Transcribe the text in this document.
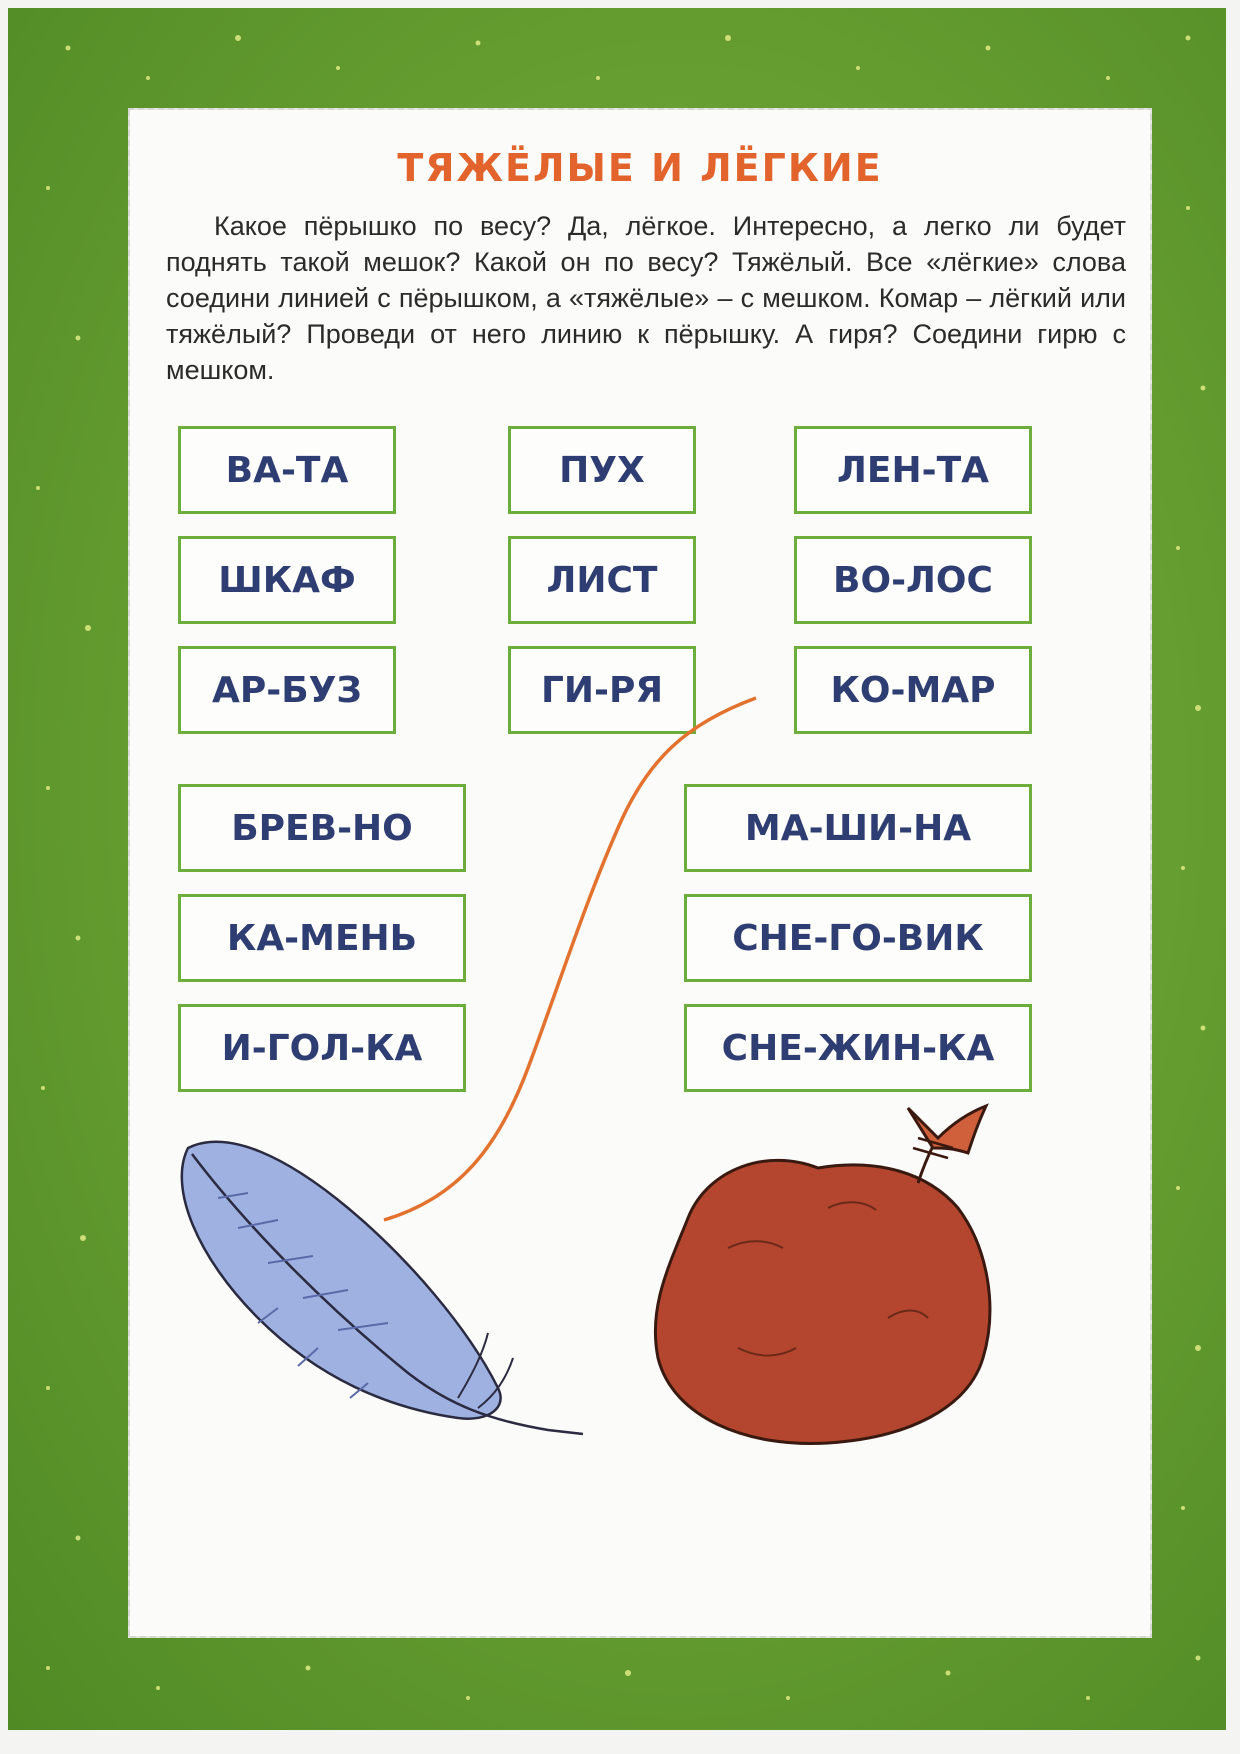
ТЯЖЁЛЫЕ И ЛЁГКИЕ

Какое пёрышко по весу? Да, лёгкое. Интересно, а легко ли будет поднять такой мешок? Какой он по весу? Тяжёлый. Все «лёгкие» слова соедини линией с пёрышком, а «тяжёлые» – с мешком. Комар – лёгкий или тяжёлый? Проведи от него линию к пёрышку. А гиря? Соедини гирю с мешком.

ВА-ТА	ПУХ	ЛЕН-ТА
ШКАФ	ЛИСТ	ВО-ЛОС
АР-БУЗ	ГИ-РЯ	КО-МАР
БРЕВ-НО
КА-МЕНЬ
И-ГОЛ-КА
МА-ШИ-НА
СНЕ-ГО-ВИК
СНЕ-ЖИН-КА
